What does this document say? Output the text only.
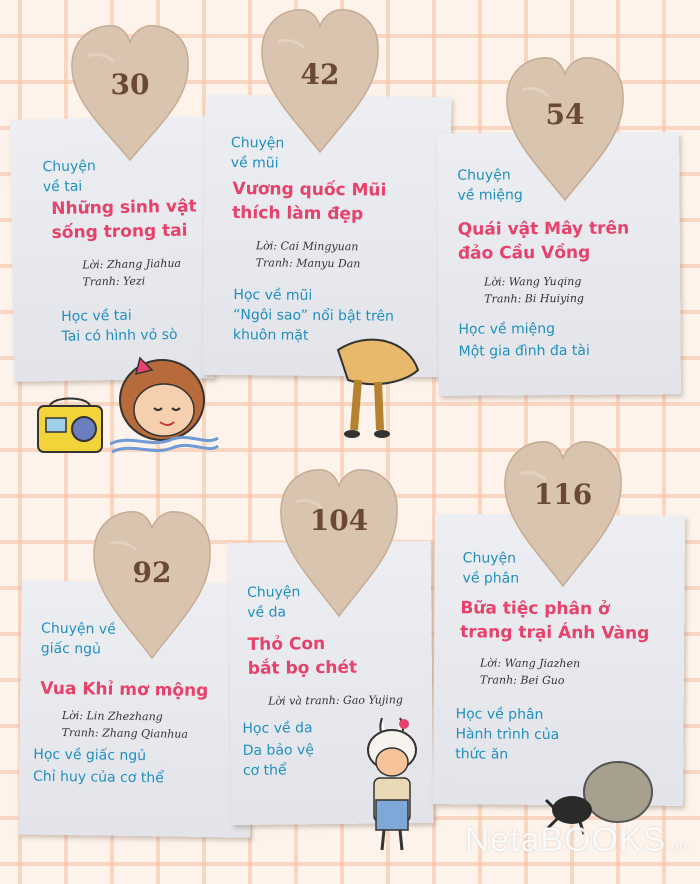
Chuyện
về tai
Những sinh vật
sống trong tai
Lời: Zhang Jiahua
Tranh: Yezi
Học về tai
Tai có hình vỏ sò
Chuyện
về mũi
Vương quốc Mũi
thích làm đẹp
Lời: Cai Mingyuan
Tranh: Manyu Dan
Học về mũi
“Ngôi sao” nổi bật trên
khuôn mặt
Chuyện
về miệng
Quái vật Mây trên
đảo Cầu Vồng
Lời: Wang Yuqing
Tranh: Bi Huiying
Học về miệng
Một gia đình đa tài
Chuyện về
giấc ngủ
Vua Khỉ mơ mộng
Lời: Lin Zhezhang
Tranh: Zhang Qianhua
Học về giấc ngủ
Chỉ huy của cơ thể
Chuyện
về da
Thỏ Con
bắt bọ chét
Lời và tranh: Gao Yujing
Học về da
Da bảo vệ
cơ thể
Chuyện
về phân
Bữa tiệc phân ở
trang trại Ánh Vàng
Lời: Wang Jiazhen
Tranh: Bei Guo
Học về phân
Hành trình của
thức ăn
30	42
54
92
104
116
NetaBOOKS.vn
